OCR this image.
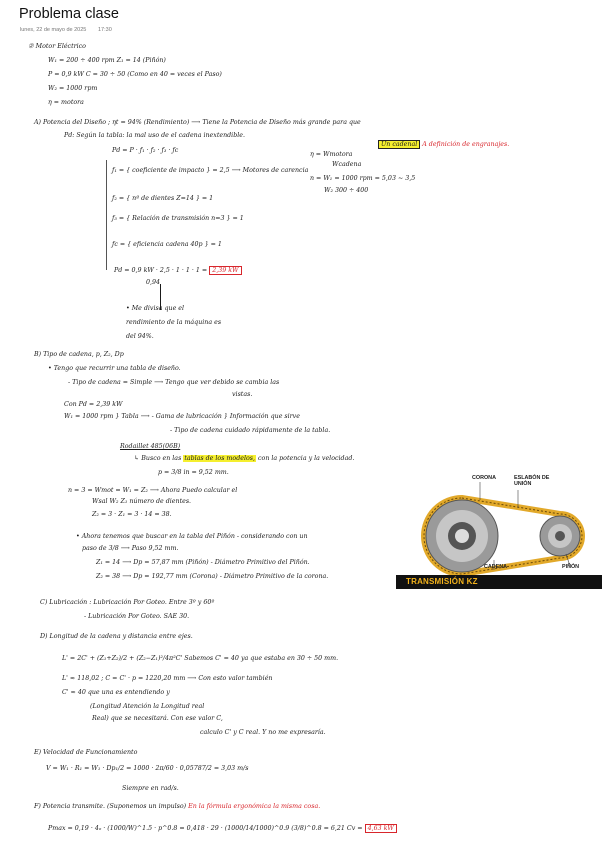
Problema clase
lunes, 22 de mayo de 2025 17:30
② Motor Eléctrico
W₁ = 200 ÷ 400 rpm Z₁ = 14 (Piñón)
P = 0,9 kW C = 30 ÷ 50 (Como en 40 = veces el Paso)
W₂ = 1000 rpm
η = motora
A) Potencia del Diseño ; ηt = 94% (Rendimiento) ⟶ Tiene la Potencia de Diseño más grande para que
Pd: Según la tabla: la mal uso de el cadena inextendible.
Pd = P · ƒ₁ · ƒ₂ · ƒ₃ · ƒc
ƒ₁ = { coeficiente de impacto } = 2,5 ⟶ Motores de carencia
ƒ₂ = { nº de dientes Z=14 } = 1
ƒ₃ = { Relación de transmisión n=3 } = 1
ƒc = { eficiencia cadena 40p } = 1
Pd = 0,9 kW · 2,5 · 1 · 1 · 1 = 2,39 kW
0,94
• Me divisa que el
rendimiento de la máquina es
del 94%.
Un cadenal A definición de engranajes.
η = Wmotora
Wcadena
n = W₁ = 1000 rpm = 5,03 ~ 3,5
W₂ 300 ÷ 400
B) Tipo de cadena, p, Z₂, Dp
• Tengo que recurrir una tabla de diseño.
- Tipo de cadena = Simple ⟶ Tengo que ver debido se cambia las
vistas.
Con Pd = 2,39 kW
W₁ = 1000 rpm } Tabla ⟶ - Gama de lubricación } Información que sirve
- Tipo de cadena cuidado rápidamente de la tabla.
Rodaillet 485(06B)
↳ Busco en las tablas de los modelos, con la potencia y la velocidad.
p = 3/8 in = 9,52 mm.
n = 3 = Wmot = W₁ = Z₂ ⟶ Ahora Puedo calcular el
Wsal W₂ Z₁ número de dientes.
Z₂ = 3 · Z₁ = 3 · 14 = 38.
• Ahora tenemos que buscar en la tabla del Piñón - considerando con un
paso de 3/8 ⟶ Paso 9,52 mm.
Z₁ = 14 ⟶ Dp = 57,87 mm (Piñón) - Diámetro Primitivo del Piñón.
Z₂ = 38 ⟶ Dp = 192,77 mm (Corona) - Diámetro Primitivo de la corona.
CORONA	ESLABÓN DE UNIÓN
CADENA	PIÑÓN
TRANSMISIÓN KZ
C) Lubricación : Lubricación Por Goteo. Entre 3º y 60º
- Lubricación Por Goteo. SAE 30.
D) Longitud de la cadena y distancia entre ejes.
L' = 2C' + (Z₁+Z₂)/2 + (Z₂−Z₁)²/4π²C' Sabemos C' = 40 ya que estaba en 30 ÷ 50 mm.
L' ≈ 118,02 ; C = C' · p = 1220,20 mm ⟶ Con esto valor también
C' ≈ 40 que una es entendiendo y
(Longitud Atención la Longitud real
Real) que se necesitará. Con ese valor C,
calculo C' y C real. Y no me expresaría.
E) Velocidad de Funcionamiento
V = W₁ · R₁ = W₁ · Dp₁/2 = 1000 · 2π/60 · 0,05787/2 = 3,03 m/s
Siempre en rad/s.
F) Potencia transmite. (Suponemos un impulso) En la fórmula ergonómica la misma cosa.
Pmax = 0,19 · 4ₒ · (1000/W)^1.5 · p^0.8 = 0,418 · 29 · (1000/14/1000)^0.9 (3/8)^0.8 = 6,21 Cv = 4,63 kW
